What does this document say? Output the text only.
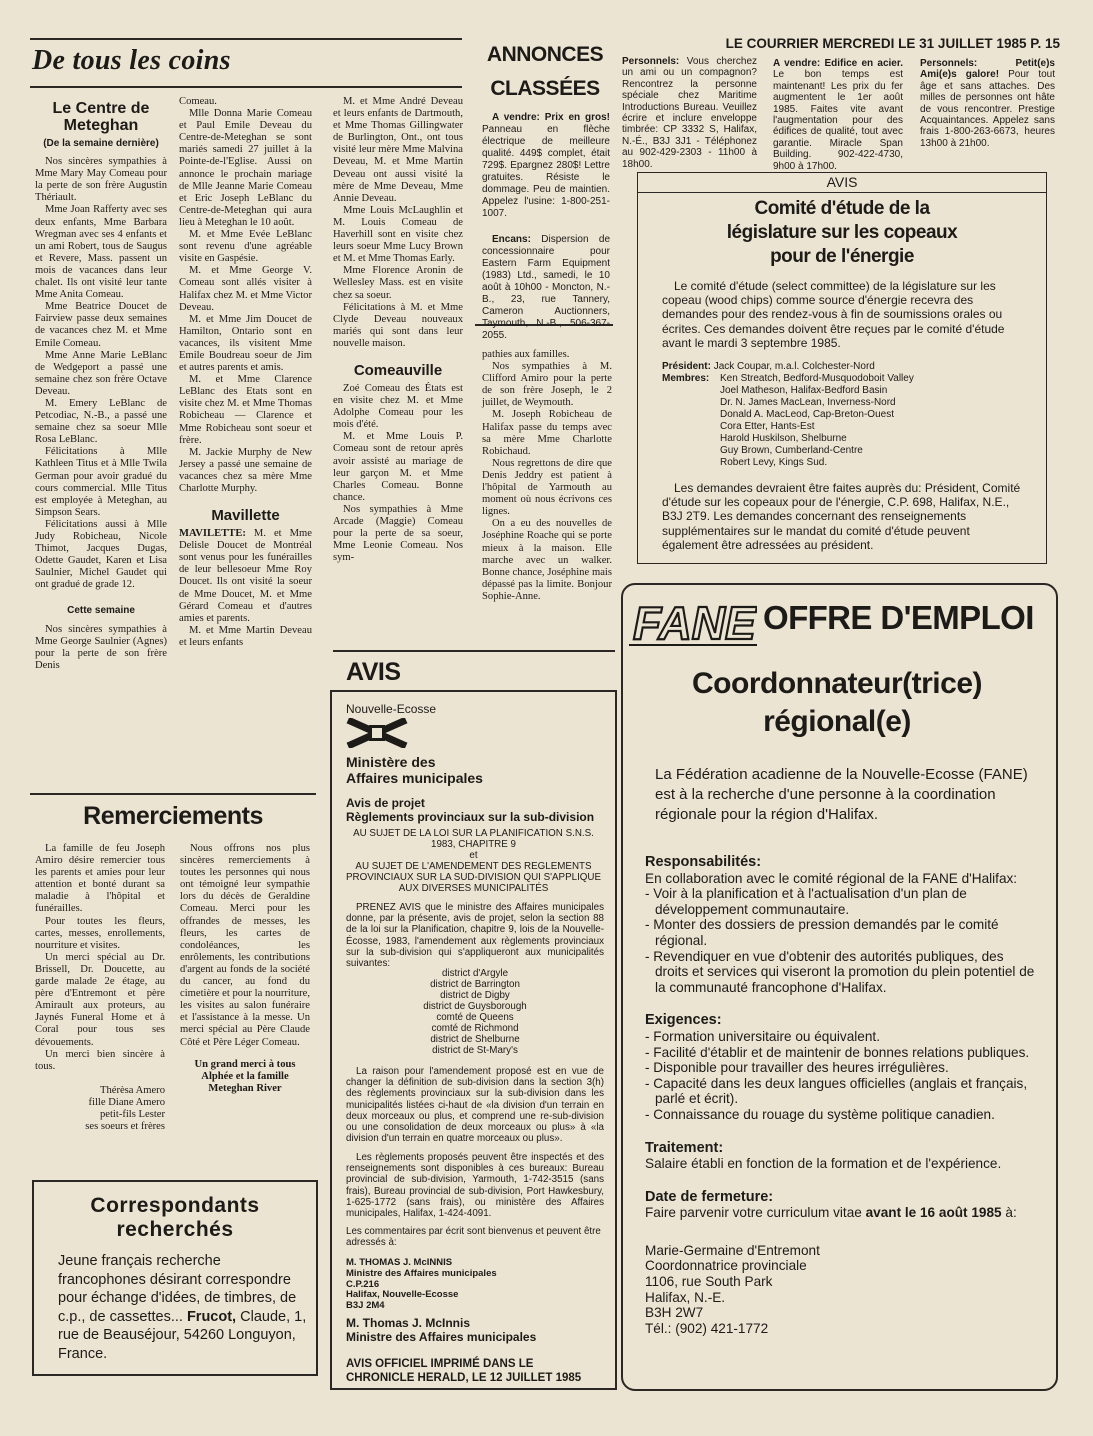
LE COURRIER MERCREDI LE 31 JUILLET 1985 P. 15
De tous les coins
Le Centre de Meteghan
(De la semaine dernière)

Nos sincères sympathies à Mme Mary May Comeau pour la perte de son frère Augustin Thériault.

Mme Joan Rafferty avec ses deux enfants, Mme Barbara Wregman avec ses 4 enfants et un ami Robert, tous de Saugus et Revere, Mass. passent un mois de vacances dans leur chalet. Ils ont visité leur tante Mme Anita Comeau.

Mme Beatrice Doucet de Fairview passe deux semaines de vacances chez M. et Mme Emile Comeau.

Mme Anne Marie LeBlanc de Wedgeport a passé une semaine chez son frère Octave Deveau.

M. Emery LeBlanc de Petcodiac, N.-B., a passé une semaine chez sa soeur Mlle Rosa LeBlanc.

Félicitations à Mlle Kathleen Titus et à Mlle Twila German pour avoir gradué du cours commercial. Mlle Titus est employée à Meteghan, au Simpson Sears.

Félicitations aussi à Mlle Judy Robicheau, Nicole Thimot, Jacques Dugas, Odette Gaudet, Karen et Lisa Saulnier, Michel Gaudet qui ont gradué de grade 12.

Cette semaine

Nos sincères sympathies à Mme George Saulnier (Agnes) pour la perte de son frère Denis

Comeau.

Mlle Donna Marie Comeau et Paul Emile Deveau du Centre-de-Meteghan se sont mariés samedi 27 juillet à la Pointe-de-l'Eglise. Aussi on annonce le prochain mariage de Mlle Jeanne Marie Comeau et Eric Joseph LeBlanc du Centre-de-Meteghan qui aura lieu à Meteghan le 10 août.

M. et Mme Evée LeBlanc sont revenu d'une agréable visite en Gaspésie.

M. et Mme George V. Comeau sont allés visiter à Halifax chez M. et Mme Victor Deveau.

M. et Mme Jim Doucet de Hamilton, Ontario sont en vacances, ils visitent Mme Emile Boudreau soeur de Jim et autres parents et amis.

M. et Mme Clarence LeBlanc des Etats sont en visite chez M. et Mme Thomas Robicheau — Clarence et Mme Robicheau sont soeur et frère.

M. Jackie Murphy de New Jersey a passé une semaine de vacances chez sa mère Mme Charlotte Murphy.

Mavillette

MAVILETTE: M. et Mme Delisle Doucet de Montréal sont venus pour les funérailles de leur bellesoeur Mme Roy Doucet. Ils ont visité la soeur de Mme Doucet, M. et Mme Gérard Comeau et d'autres amies et parents.

M. et Mme Martin Deveau et leurs enfants

M. et Mme André Deveau et leurs enfants de Dartmouth, et Mme Thomas Gillingwater de Burlington, Ont., ont tous visité leur mère Mme Malvina Deveau, M. et Mme Martin Deveau ont aussi visité la mère de Mme Deveau, Mme Annie Deveau.

Mme Louis McLaughlin et M. Louis Comeau de Haverhill sont en visite chez leurs soeur Mme Lucy Brown et M. et Mme Thomas Early.

Mme Florence Aronin de Wellesley Mass. est en visite chez sa soeur.

Félicitations à M. et Mme Clyde Deveau nouveaux mariés qui sont dans leur nouvelle maison.

Comeauville

Zoé Comeau des États est en visite chez M. et Mme Adolphe Comeau pour les mois d'été.

M. et Mme Louis P. Comeau sont de retour après avoir assisté au mariage de leur garçon M. et Mme Charles Comeau. Bonne chance.

Nos sympathies à Mme Arcade (Maggie) Comeau pour la perte de sa soeur, Mme Leonie Comeau. Nos sym-

pathies aux familles.

Nos sympathies à M. Clifford Amiro pour la perte de son frère Joseph, le 2 juillet, de Weymouth.

M. Joseph Robicheau de Halifax passe du temps avec sa mère Mme Charlotte Robichaud.

Nous regrettons de dire que Denis Jeddry est patient à l'hôpital de Yarmouth au moment où nous écrivons ces lignes.

On a eu des nouvelles de Joséphine Roache qui se porte mieux à la maison. Elle marche avec un walker. Bonne chance, Joséphine mais dépassé pas la limite. Bonjour Sophie-Anne.

Remerciements

La famille de feu Joseph Amiro désire remercier tous les parents et amies pour leur attention et bonté durant sa maladie à l'hôpital et funérailles.

Pour toutes les fleurs, cartes, messes, enrollements, nourriture et visites.

Un merci spécial au Dr. Brissell, Dr. Doucette, au garde malade 2e étage, au père d'Entremont et père Amirault aux proteurs, au Jaynés Funeral Home et à Coral pour tous ses dévouements.

Un merci bien sincère à tous.

Thérèsa Amero
fille Diane Amero
petit-fils Lester
ses soeurs et frères

Nous offrons nos plus sincères remerciements à toutes les personnes qui nous ont témoigné leur sympathie lors du décès de Geraldine Comeau. Merci pour les offrandes de messes, les fleurs, les cartes de condoléances, les enrôlements, les contributions d'argent au fonds de la société du cancer, au fond du cimetière et pour la nourriture, les visites au salon funéraire et l'assistance à la messe. Un merci spécial au Père Claude Côté et Père Léger Comeau.

Un grand merci à tous
Alphée et la famille
Meteghan River
Correspondants
recherchés
Jeune français recherche francophones désirant correspondre pour échange d'idées, de timbres, de c.p., de cassettes... Frucot, Claude, 1, rue de Beauséjour, 54260 Longuyon, France.
ANNONCES
CLASSÉES

A vendre: Prix en gros! Panneau en flèche électrique de meilleure qualité. 449$ complet, était 729$. Epargnez 280$! Lettre gratuites. Résiste le dommage. Peu de maintien. Appelez l'usine: 1-800-251-1007.

Encans: Dispersion de concessionnaire pour Eastern Farm Equipment (1983) Ltd., samedi, le 10 août à 10h00 - Moncton, N.-B., 23, rue Tannery, Cameron Auctionners, Taymouth, N.-B., 506-367-2055.

Personnels: Vous cherchez un ami ou un compagnon? Rencontrez la personne spéciale chez Maritime Introductions Bureau. Veuillez écrire et inclure enveloppe timbrée: CP 3332 S, Halifax, N.-É., B3J 3J1 - Téléphonez au 902-429-2303 - 11h00 à 18h00.

A vendre: Edifice en acier. Le bon temps est maintenant! Les prix du fer augmentent le 1er août 1985. Faites vite avant l'augmentation pour des édifices de qualité, tout avec garantie. Miracle Span Building. 902-422-4730, 9h00 à 17h00.

Personnels: Petit(e)s Ami(e)s galore! Pour tout âge et sans attaches. Des milles de personnes ont hâte de vous rencontrer. Prestige Acquaintances. Appelez sans frais 1-800-263-6673, heures 13h00 à 21h00.

AVIS
Comité d'étude de la
législature sur les copeaux
pour de l'énergie
Le comité d'étude (select committee) de la législature sur les copeau (wood chips) comme source d'énergie recevra des demandes pour des rendez-vous à fin de soumissions orales ou écrites. Ces demandes doivent être reçues par le comité d'étude avant le mardi 3 septembre 1985.
Président: Jack Coupar, m.a.l. Colchester-Nord
Membres:	Ken Streatch, Bedford-Musquodoboit Valley
Joel Matheson, Halifax-Bedford Basin
Dr. N. James MacLean, Inverness-Nord
Donald A. MacLeod, Cap-Breton-Ouest
Cora Etter, Hants-Est
Harold Huskilson, Shelburne
Guy Brown, Cumberland-Centre
Robert Levy, Kings Sud.
Les demandes devraient être faites auprès du: Président, Comité d'étude sur les copeaux pour de l'énergie, C.P. 698, Halifax, N.E., B3J 2T9. Les demandes concernant des renseignements supplémentaires sur le mandat du comité d'étude peuvent également être adressées au président.
AVIS
Nouvelle-Ecosse
Ministère des
Affaires municipales
Avis de projet
Règlements provinciaux sur la sub-division
AU SUJET DE LA LOI SUR LA PLANIFICATION S.N.S. 1983, CHAPITRE 9
et
AU SUJET DE L'AMENDEMENT DES REGLEMENTS PROVINCIAUX SUR LA SUD-DIVISION QUI S'APPLIQUE AUX DIVERSES MUNICIPALITÉS
PRENEZ AVIS que le ministre des Affaires municipales donne, par la présente, avis de projet, selon la section 88 de la loi sur la Planification, chapitre 9, lois de la Nouvelle-Écosse, 1983, l'amendement aux règlements provinciaux sur la sub-division qui s'appliqueront aux municipalités suivantes:
district d'Argyle
district de Barrington
district de Digby
district de Guysborough
comté de Queens
comté de Richmond
district de Shelburne
district de St-Mary's
La raison pour l'amendement proposé est en vue de changer la définition de sub-division dans la section 3(h) des règlements provinciaux sur la sub-division dans les municipalités listées ci-haut de «la division d'un terrain en deux morceaux ou plus, et comprend une re-sub-division ou une consolidation de deux morceaux ou plus» à «la division d'un terrain en quatre morceaux ou plus».
Les règlements proposés peuvent être inspectés et des renseignements sont disponibles à ces bureaux: Bureau provincial de sub-division, Yarmouth, 1-742-3515 (sans frais), Bureau provincial de sub-division, Port Hawkesbury, 1-625-1772 (sans frais), ou ministère des Affaires municipales, Halifax, 1-424-4091.
Les commentaires par écrit sont bienvenus et peuvent être adressés à:
M. THOMAS J. McINNIS
Ministre des Affaires municipales
C.P.216
Halifax, Nouvelle-Ecosse
B3J 2M4
M. Thomas J. McInnis
Ministre des Affaires municipales
AVIS OFFICIEL IMPRIMÉ DANS LE CHRONICLE HERALD, LE 12 JUILLET 1985
FANE OFFRE D'EMPLOI
Coordonnateur(trice)
régional(e)
La Fédération acadienne de la Nouvelle-Ecosse (FANE) est à la recherche d'une personne à la coordination régionale pour la région d'Halifax.
Responsabilités:
En collaboration avec le comité régional de la FANE d'Halifax:
- Voir à la planification et à l'actualisation d'un plan de développement communautaire.
- Monter des dossiers de pression demandés par le comité régional.
- Revendiquer en vue d'obtenir des autorités publiques, des droits et services qui viseront la promotion du plein potentiel de la communauté francophone d'Halifax.
Exigences:
- Formation universitaire ou équivalent.
- Facilité d'établir et de maintenir de bonnes relations publiques.
- Disponible pour travailler des heures irrégulières.
- Capacité dans les deux langues officielles (anglais et français, parlé et écrit).
- Connaissance du rouage du système politique canadien.
Traitement:
Salaire établi en fonction de la formation et de l'expérience.
Date de fermeture:
Faire parvenir votre curriculum vitae avant le 16 août 1985 à:
Marie-Germaine d'Entremont
Coordonnatrice provinciale
1106, rue South Park
Halifax, N.-E.
B3H 2W7
Tél.: (902) 421-1772
